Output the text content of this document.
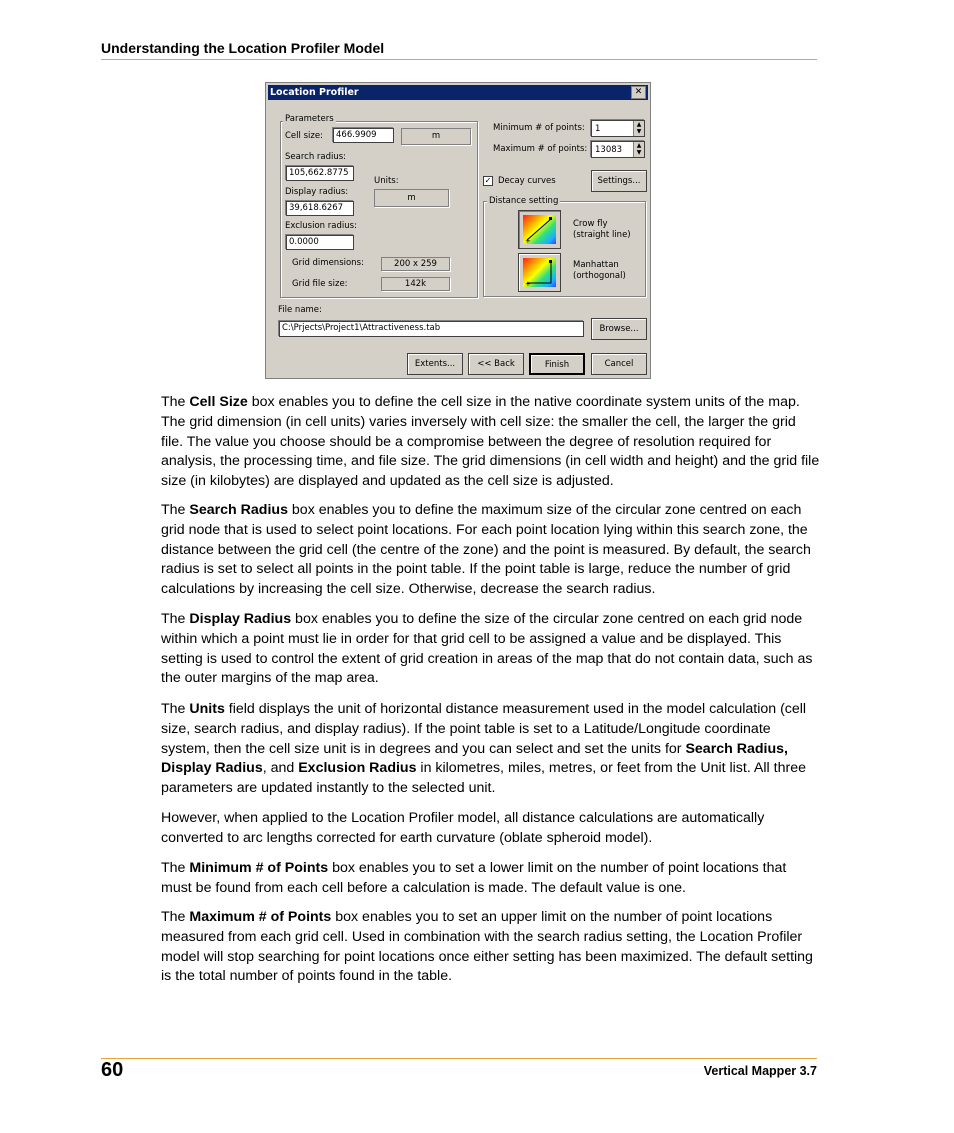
Understanding the Location Profiler Model
Location Profiler	✕
Parameters
Cell size:	466.9909	m
Search radius:
105,662.8775
Display radius:
39,618.6267
Exclusion radius:
0.0000
Units:
m
Grid dimensions:	200 x 259
Grid file size:	142k
Minimum # of points: 1	▲
▼
Maximum # of points: 13083	▲
▼
✓ Decay curves	Settings...
Distance setting
+
Crow fly
(straight line)
+
Manhattan
(orthogonal)
File name:
C:\Prjects\Project1\Attractiveness.tab	Browse...
Extents...	<< Back	Finish	Cancel
The Cell Size box enables you to define the cell size in the native coordinate system units of the map. The grid dimension (in cell units) varies inversely with cell size: the smaller the cell, the larger the grid file. The value you choose should be a compromise between the degree of resolution required for analysis, the processing time, and file size. The grid dimensions (in cell width and height) and the grid file size (in kilobytes) are displayed and updated as the cell size is adjusted.
The Search Radius box enables you to define the maximum size of the circular zone centred on each grid node that is used to select point locations. For each point location lying within this search zone, the distance between the grid cell (the centre of the zone) and the point is measured. By default, the search radius is set to select all points in the point table. If the point table is large, reduce the number of grid calculations by increasing the cell size. Otherwise, decrease the search radius.
The Display Radius box enables you to define the size of the circular zone centred on each grid node within which a point must lie in order for that grid cell to be assigned a value and be displayed. This setting is used to control the extent of grid creation in areas of the map that do not contain data, such as the outer margins of the map area.
The Units field displays the unit of horizontal distance measurement used in the model calculation (cell size, search radius, and display radius). If the point table is set to a Latitude/Longitude coordinate system, then the cell size unit is in degrees and you can select and set the units for Search Radius, Display Radius, and Exclusion Radius in kilometres, miles, metres, or feet from the Unit list. All three parameters are updated instantly to the selected unit.
However, when applied to the Location Profiler model, all distance calculations are automatically converted to arc lengths corrected for earth curvature (oblate spheroid model).
The Minimum # of Points box enables you to set a lower limit on the number of point locations that must be found from each cell before a calculation is made. The default value is one.
The Maximum # of Points box enables you to set an upper limit on the number of point locations measured from each grid cell. Used in combination with the search radius setting, the Location Profiler model will stop searching for point locations once either setting has been maximized. The default setting is the total number of points found in the table.
60	Vertical Mapper 3.7
